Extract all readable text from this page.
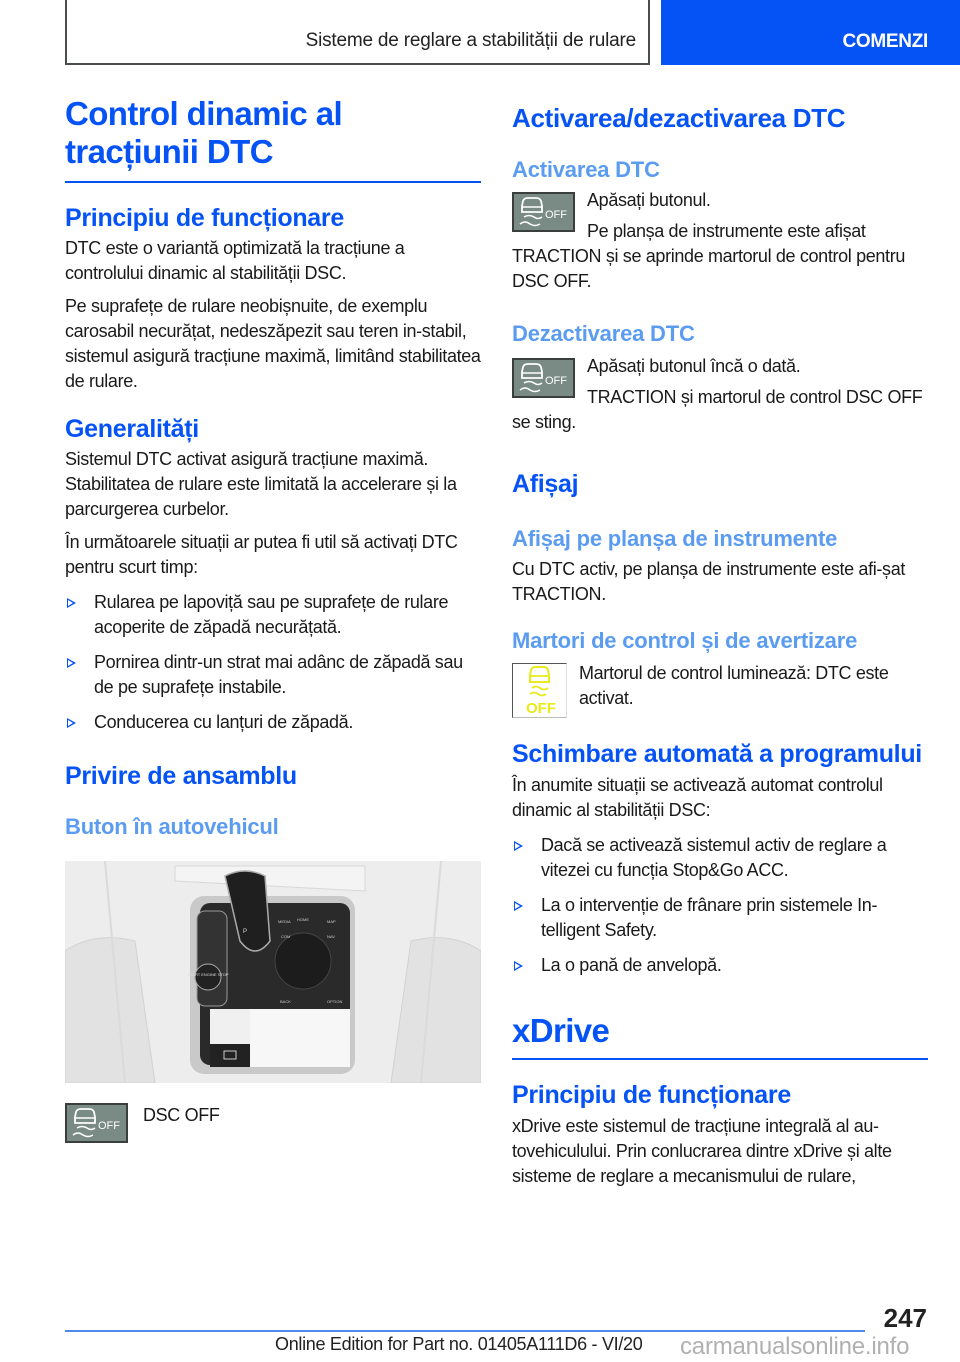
Sisteme de reglare a stabilității de rulare	COMENZI
Control dinamic al tracțiunii DTC
Principiu de funcționare
DTC este o variantă optimizată la tracțiune a controlului dinamic al stabilității DSC.
Pe suprafețe de rulare neobișnuite, de exemplu carosabil necurățat, nedeszăpezit sau teren in-stabil, sistemul asigură tracțiune maximă, limitând stabilitatea de rulare.
Generalități
Sistemul DTC activat asigură tracțiune maximă. Stabilitatea de rulare este limitată la accelerare și la parcurgerea curbelor.
În următoarele situații ar putea fi util să activați DTC pentru scurt timp:
Rularea pe lapoviță sau pe suprafețe de rulare acoperite de zăpadă necurățată.
Pornirea dintr-un strat mai adânc de zăpadă sau de pe suprafețe instabile.
Conducerea cu lanțuri de zăpadă.
Privire de ansamblu
Buton în autovehicul
START ENGINE STOP
P
MEDIA HOME	MAP
COM	NAV
BACK	OPTION
OFF
DSC OFF
Activarea/dezactivarea DTC
Activarea DTC
OFF
Apăsați butonul.
Pe planșa de instrumente este afișat TRACTION și se aprinde martorul de control pentru DSC OFF.
Dezactivarea DTC
OFF
Apăsați butonul încă o dată.
TRACTION și martorul de control DSC OFF se sting.
Afișaj
Afișaj pe planșa de instrumente
Cu DTC activ, pe planșa de instrumente este afi-șat TRACTION.
Martori de control și de avertizare
OFF
Martorul de control luminează: DTC este activat.
Schimbare automată a programului
În anumite situații se activează automat controlul dinamic al stabilității DSC:
Dacă se activează sistemul activ de reglare a vitezei cu funcția Stop&Go ACC.
La o intervenție de frânare prin sistemele In-telligent Safety.
La o pană de anvelopă.
xDrive
Principiu de funcționare
xDrive este sistemul de tracțiune integrală al au-tovehiculului. Prin conlucrarea dintre xDrive și alte sisteme de reglare a mecanismului de rulare,
247
Online Edition for Part no. 01405A111D6 - VI/20 carmanualsonline.info
